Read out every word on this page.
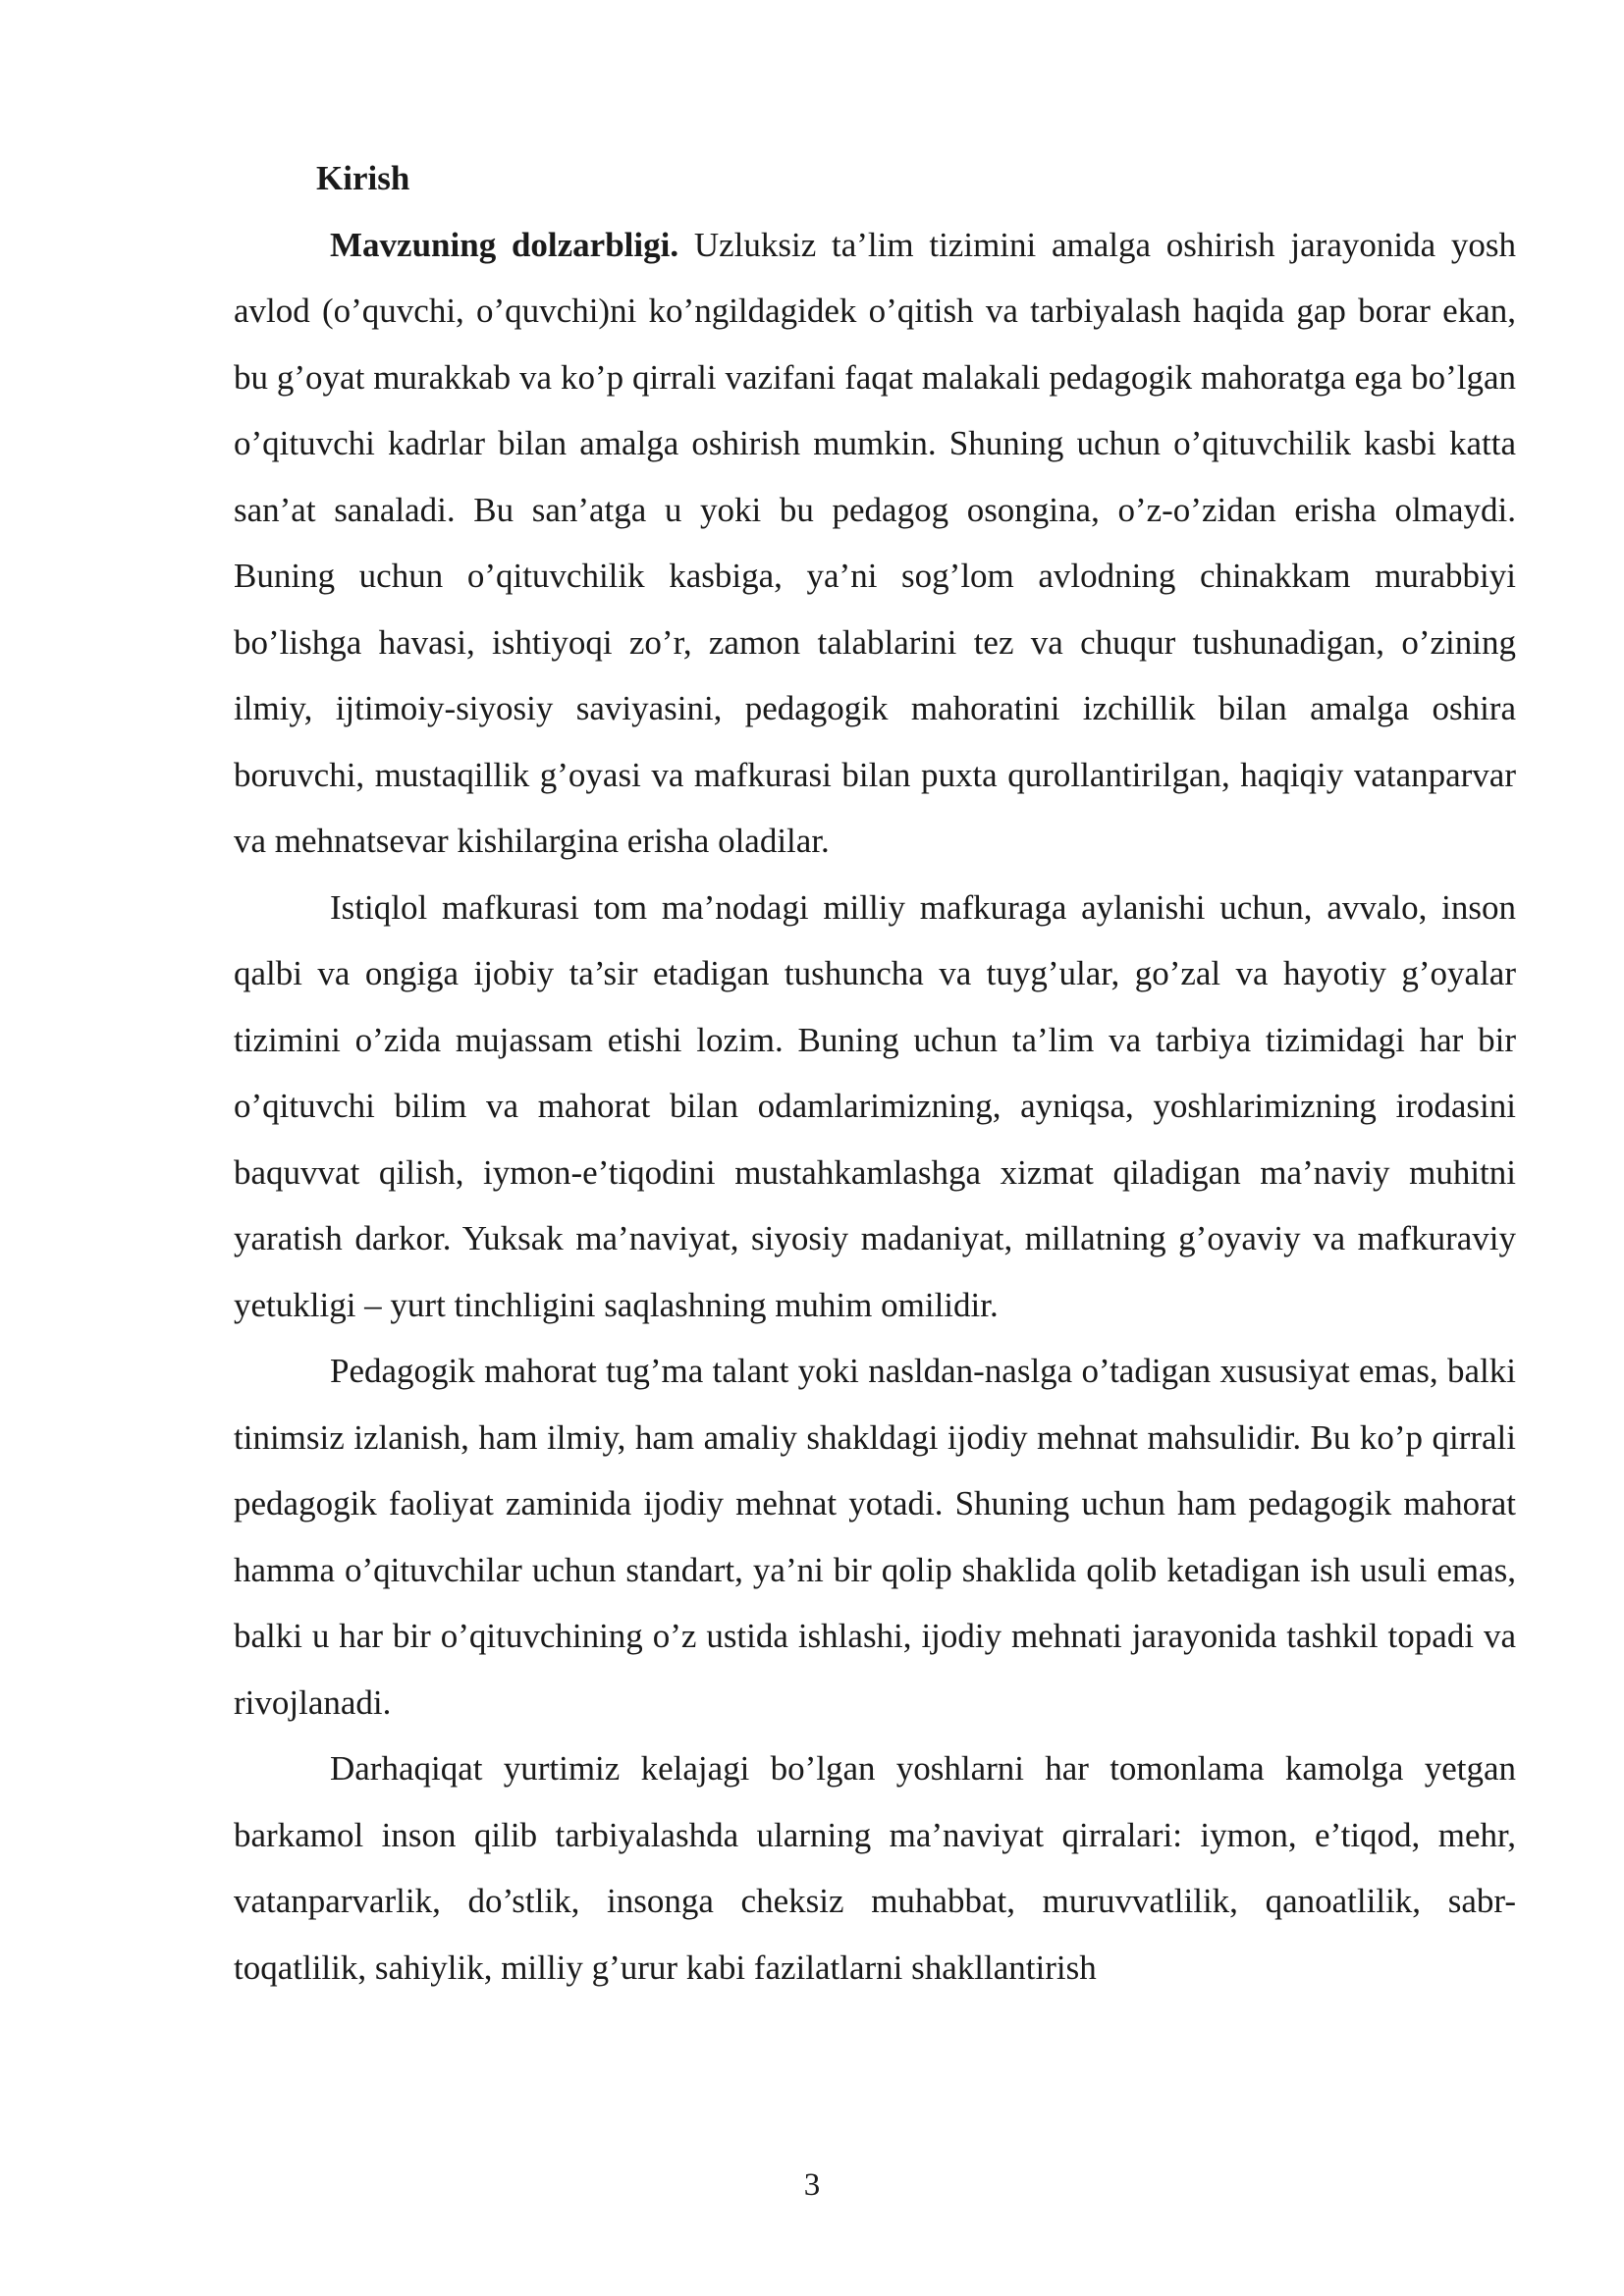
Kirish

Mavzuning dolzarbligi. Uzluksiz ta’lim tizimini amalga oshirish jarayonida yosh avlod (o’quvchi, o’quvchi)ni ko’ngildagidek o’qitish va tarbiyalash haqida gap borar ekan, bu g’oyat murakkab va ko’p qirrali vazifani faqat malakali pedagogik mahoratga ega bo’lgan o’qituvchi kadrlar bilan amalga oshirish mumkin. Shuning uchun o’qituvchilik kasbi katta san’at sanaladi. Bu san’atga u yoki bu pedagog osongina, o’z-o’zidan erisha olmaydi. Buning uchun o’qituvchilik kasbiga, ya’ni sog’lom avlodning chinakkam murabbiyi bo’lishga havasi, ishtiyoqi zo’r, zamon talablarini tez va chuqur tushunadigan, o’zining ilmiy, ijtimoiy-siyosiy saviyasini, pedagogik mahoratini izchillik bilan amalga oshira boruvchi, mustaqillik g’oyasi va mafkurasi bilan puxta qurollantirilgan, haqiqiy vatanparvar va mehnatsevar kishilargina erisha oladilar.

Istiqlol mafkurasi tom ma’nodagi milliy mafkuraga aylanishi uchun, avvalo, inson qalbi va ongiga ijobiy ta’sir etadigan tushuncha va tuyg’ular, go’zal va hayotiy g’oyalar tizimini o’zida mujassam etishi lozim. Buning uchun ta’lim va tarbiya tizimidagi har bir o’qituvchi bilim va mahorat bilan odamlarimizning, ayniqsa, yoshlarimizning irodasini baquvvat qilish, iymon-e’tiqodini mustahkamlashga xizmat qiladigan ma’naviy muhitni yaratish darkor. Yuksak ma’naviyat, siyosiy madaniyat, millatning g’oyaviy va mafkuraviy yetukligi – yurt tinchligini saqlashning muhim omilidir.

Pedagogik mahorat tug’ma talant yoki nasldan-naslga o’tadigan xususiyat emas, balki tinimsiz izlanish, ham ilmiy, ham amaliy shakldagi ijodiy mehnat mahsulidir. Bu ko’p qirrali pedagogik faoliyat zaminida ijodiy mehnat yotadi. Shuning uchun ham pedagogik mahorat hamma o’qituvchilar uchun standart, ya’ni bir qolip shaklida qolib ketadigan ish usuli emas, balki u har bir o’qituvchining o’z ustida ishlashi, ijodiy mehnati jarayonida tashkil topadi va rivojlanadi.

Darhaqiqat yurtimiz kelajagi bo’lgan yoshlarni har tomonlama kamolga yetgan barkamol inson qilib tarbiyalashda ularning ma’naviyat qirralari: iymon, e’tiqod, mehr, vatanparvarlik, do’stlik, insonga cheksiz muhabbat, muruvvatlilik, qanoatlilik, sabr-toqatlilik, sahiylik, milliy g’urur kabi fazilatlarni shakllantirish

3
